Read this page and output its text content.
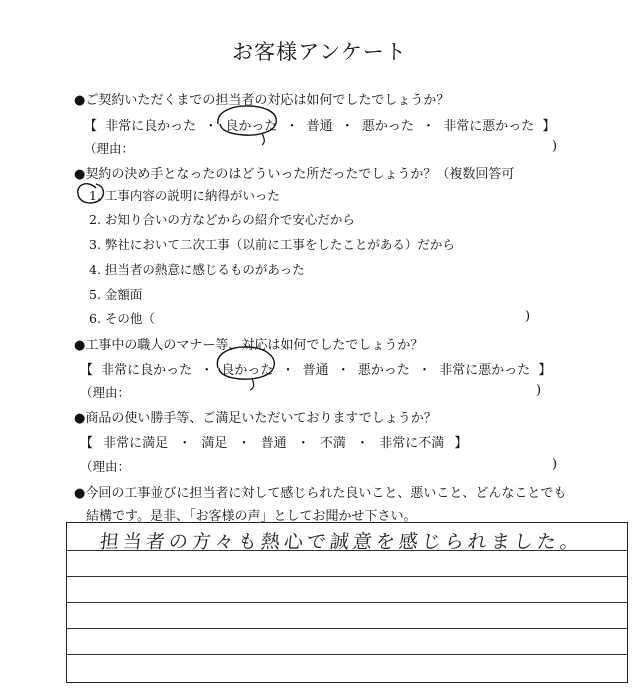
お客様アンケート
●ご契約いただくまでの担当者の対応は如何でしたでしょうか？
【 非常に良かった ・ 良かった ・ 普通 ・ 悪かった ・ 非常に悪かった 】
（理由：	)
●契約の決め手となったのはどういった所だったでしょうか？（複数回答可
1. 工事内容の説明に納得がいった
2. お知り合いの方などからの紹介で安心だから
3. 弊社において二次工事（以前に工事をしたことがある）だから
4. 担当者の熱意に感じるものがあった
5. 金額面
6. その他（	)
●工事中の職人のマナー等、対応は如何でしたでしょうか？
【 非常に良かった ・ 良かった ・ 普通 ・ 悪かった ・ 非常に悪かった 】
（理由：	)
●商品の使い勝手等、ご満足いただいておりますでしょうか？
【 非常に満足 ・ 満足 ・ 普通 ・ 不満 ・ 非常に不満 】
（理由：	)
●今回の工事並びに担当者に対して感じられた良いこと、悪いこと、どんなことでも
結構です。是非、「お客様の声」としてお聞かせ下さい。
担当者の方々も熱心で誠意を感じられました。
